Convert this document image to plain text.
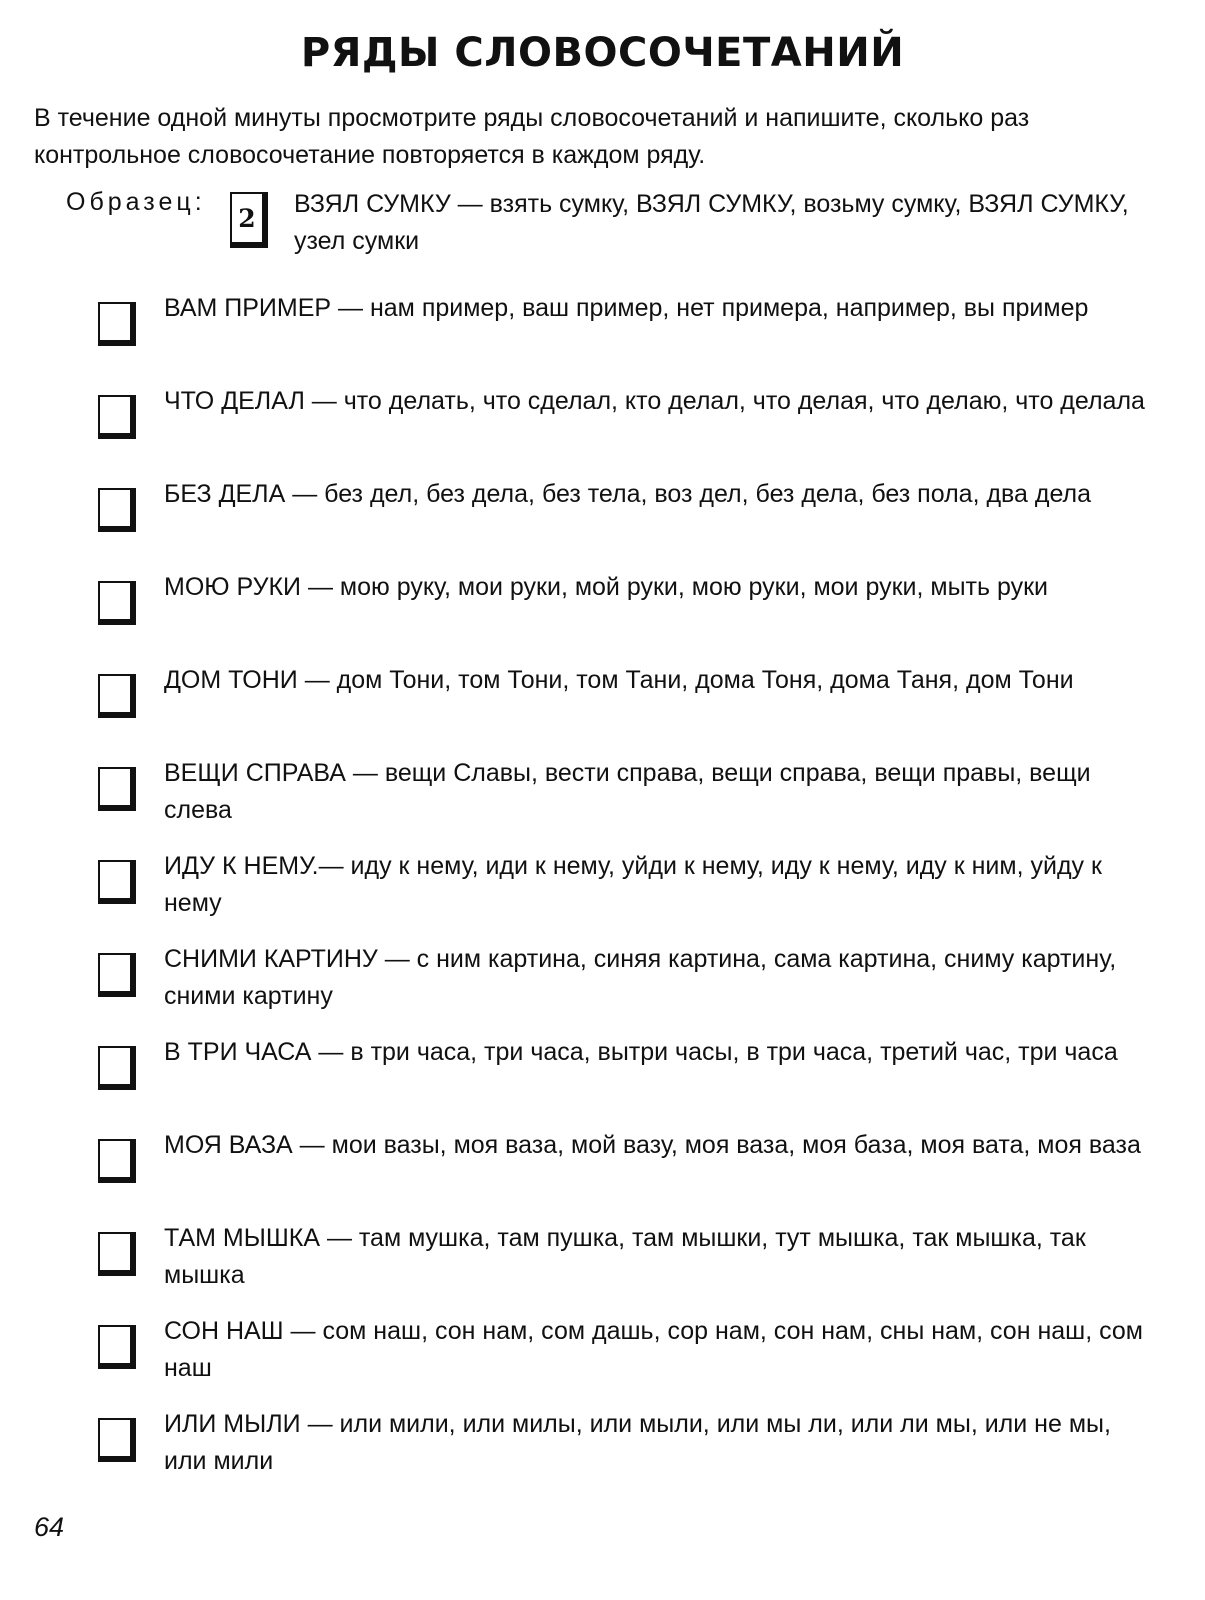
РЯДЫ СЛОВОСОЧЕТАНИЙ

В течение одной минуты просмотрите ряды словосочетаний и напишите, сколько раз контрольное словосочетание повторяется в каждом ряду.

Образец:
2	ВЗЯЛ СУМКУ — взять сумку, ВЗЯЛ СУМКУ, возьму сумку, ВЗЯЛ СУМКУ, узел сумки
ВАМ ПРИМЕР — нам пример, ваш пример, нет примера, например, вы пример
ЧТО ДЕЛАЛ — что делать, что сделал, кто делал, что делая, что делаю, что делала
БЕЗ ДЕЛА — без дел, без дела, без тела, воз дел, без дела, без пола, два дела
МОЮ РУКИ — мою руку, мои руки, мой руки, мою руки, мои руки, мыть руки
ДОМ ТОНИ — дом Тони, том Тони, том Тани, дома Тоня, дома Таня, дом Тони
ВЕЩИ СПРАВА — вещи Славы, вести справа, вещи справа, вещи правы, вещи слева
ИДУ К НЕМУ.— иду к нему, иди к нему, уйди к нему, иду к нему, иду к ним, уйду к нему
СНИМИ КАРТИНУ — с ним картина, синяя картина, сама картина, сниму картину, сними картину
В ТРИ ЧАСА — в три часа, три часа, вытри часы, в три часа, третий час, три часа
МОЯ ВАЗА — мои вазы, моя ваза, мой вазу, моя ваза, моя база, моя вата, моя ваза
ТАМ МЫШКА — там мушка, там пушка, там мышки, тут мышка, так мышка, так мышка
СОН НАШ — сом наш, сон нам, сом дашь, сор нам, сон нам, сны нам, сон наш, сом наш
ИЛИ МЫЛИ — или мили, или милы, или мыли, или мы ли, или ли мы, или не мы, или мили
64
